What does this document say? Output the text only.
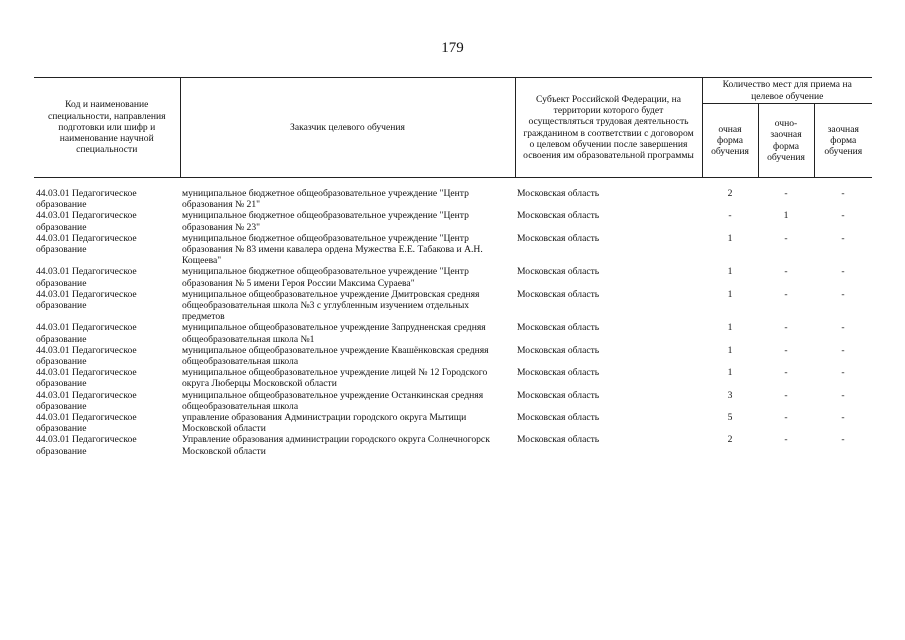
179
Код и наименование специальности, направления подготовки или шифр и наименование научной специальности	Заказчик целевого обучения	Субъект Российской Федерации, на территории которого будет осуществляться трудовая деятельность гражданином в соответствии с договором о целевом обучении после завершения освоения им образовательной программы	Количество мест для приема на целевое обучение		
			очная форма обучения	очно-заочная форма обучения	заочная форма обучения

44.03.01 Педагогическое образование	муниципальное бюджетное общеобразовательное учреждение "Центр образования № 21"	Московская область	2	-	-
44.03.01 Педагогическое образование	муниципальное бюджетное общеобразовательное учреждение "Центр образования № 23"	Московская область	-	1	-
44.03.01 Педагогическое образование	муниципальное бюджетное общеобразовательное учреждение "Центр образования № 83 имени кавалера ордена Мужества Е.Е. Табакова и А.Н. Кощеева"	Московская область	1	-	-
44.03.01 Педагогическое образование	муниципальное бюджетное общеобразовательное учреждение "Центр образования № 5 имени Героя России Максима Сураева"	Московская область	1	-	-
44.03.01 Педагогическое образование	муниципальное общеобразовательное учреждение Дмитровская средняя общеобразовательная школа №3 с углубленным изучением отдельных предметов	Московская область	1	-	-
44.03.01 Педагогическое образование	муниципальное общеобразовательное учреждение Запрудненская средняя общеобразовательная школа №1	Московская область	1	-	-
44.03.01 Педагогическое образование	муниципальное общеобразовательное учреждение Квашёнковская средняя общеобразовательная школа	Московская область	1	-	-
44.03.01 Педагогическое образование	муниципальное общеобразовательное учреждение лицей № 12 Городского округа Люберцы Московской области	Московская область	1	-	-
44.03.01 Педагогическое образование	муниципальное общеобразовательное учреждение Останкинская средняя общеобразовательная школа	Московская область	3	-	-
44.03.01 Педагогическое образование	управление образования Администрации городского округа Мытищи Московской области	Московская область	5	-	-
44.03.01 Педагогическое образование	Управление образования администрации городского округа Солнечногорск Московской области	Московская область	2	-	-
